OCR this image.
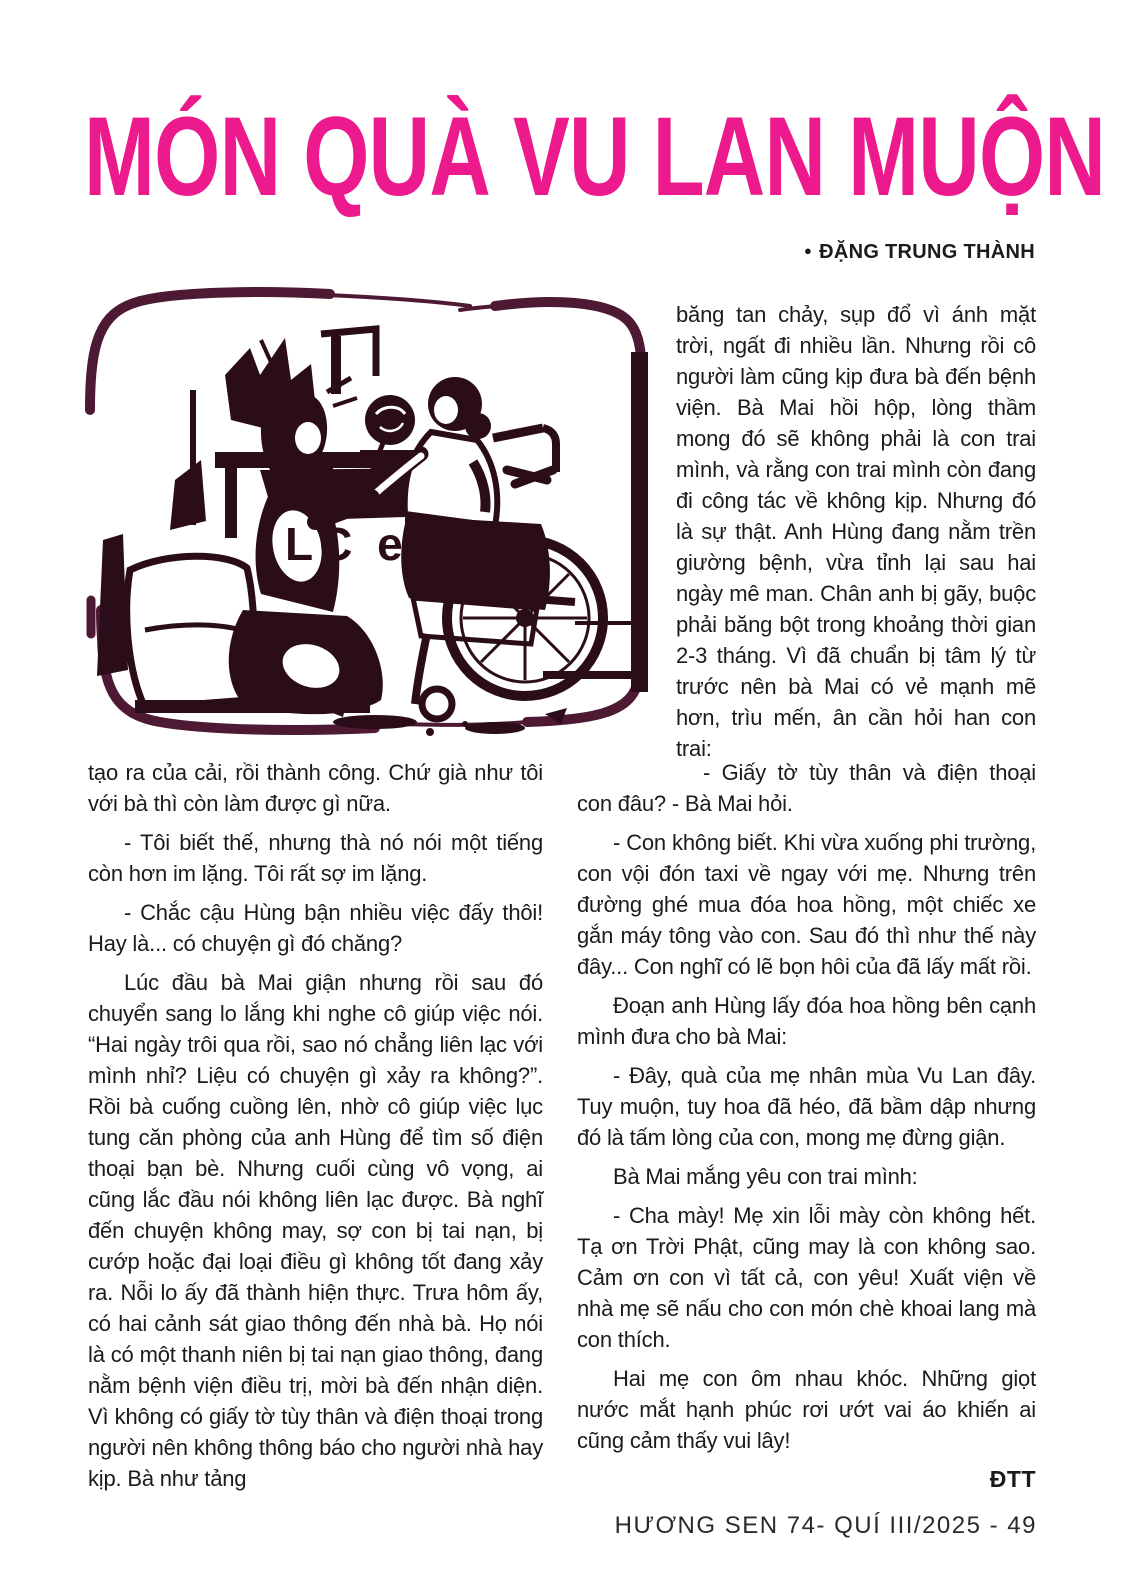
MÓN QUÀ VU LAN MUỘN
● ĐẶNG TRUNG THÀNH
LC eP K

băng tan chảy, sụp đổ vì ánh mặt trời, ngất đi nhiều lần. Nhưng rồi cô người làm cũng kịp đưa bà đến bệnh viện. Bà Mai hồi hộp, lòng thầm mong đó sẽ không phải là con trai mình, và rằng con trai mình còn đang đi công tác về không kịp. Nhưng đó là sự thật. Anh Hùng đang nằm trền giường bệnh, vừa tỉnh lại sau hai ngày mê man. Chân anh bị gãy, buộc phải băng bột trong khoảng thời gian 2-3 tháng. Vì đã chuẩn bị tâm lý từ trước nên bà Mai có vẻ mạnh mẽ hơn, trìu mến, ân cần hỏi han con trai:

tạo ra của cải, rồi thành công. Chứ già như tôi với bà thì còn làm được gì nữa.

- Tôi biết thế, nhưng thà nó nói một tiếng còn hơn im lặng. Tôi rất sợ im lặng.

- Chắc cậu Hùng bận nhiều việc đấy thôi! Hay là... có chuyện gì đó chăng?

Lúc đầu bà Mai giận nhưng rồi sau đó chuyển sang lo lắng khi nghe cô giúp việc nói. “Hai ngày trôi qua rồi, sao nó chẳng liên lạc với mình nhỉ? Liệu có chuyện gì xảy ra không?”. Rồi bà cuống cuồng lên, nhờ cô giúp việc lục tung căn phòng của anh Hùng để tìm số điện thoại bạn bè. Nhưng cuối cùng vô vọng, ai cũng lắc đầu nói không liên lạc được. Bà nghĩ đến chuyện không may, sợ con bị tai nạn, bị cướp hoặc đại loại điều gì không tốt đang xảy ra. Nỗi lo ấy đã thành hiện thực. Trưa hôm ấy, có hai cảnh sát giao thông đến nhà bà. Họ nói là có một thanh niên bị tai nạn giao thông, đang nằm bệnh viện điều trị, mời bà đến nhận diện. Vì không có giấy tờ tùy thân và điện thoại trong người nên không thông báo cho người nhà hay kịp. Bà như tảng

- Giấy tờ tùy thân và điện thoại con đâu? - Bà Mai hỏi.

- Con không biết. Khi vừa xuống phi trường, con vội đón taxi về ngay với mẹ. Nhưng trên đường ghé mua đóa hoa hồng, một chiếc xe gắn máy tông vào con. Sau đó thì như thế này đây... Con nghĩ có lẽ bọn hôi của đã lấy mất rồi.

Đoạn anh Hùng lấy đóa hoa hồng bên cạnh mình đưa cho bà Mai:

- Đây, quà của mẹ nhân mùa Vu Lan đây. Tuy muộn, tuy hoa đã héo, đã bầm dập nhưng đó là tấm lòng của con, mong mẹ đừng giận.

Bà Mai mắng yêu con trai mình:

- Cha mày! Mẹ xin lỗi mày còn không hết. Tạ ơn Trời Phật, cũng may là con không sao. Cảm ơn con vì tất cả, con yêu! Xuất viện về nhà mẹ sẽ nấu cho con món chè khoai lang mà con thích.

Hai mẹ con ôm nhau khóc. Những giọt nước mắt hạnh phúc rơi ướt vai áo khiến ai cũng cảm thấy vui lây!

ĐTT

HƯƠNG SEN 74- QUÍ III/2025 - 49
